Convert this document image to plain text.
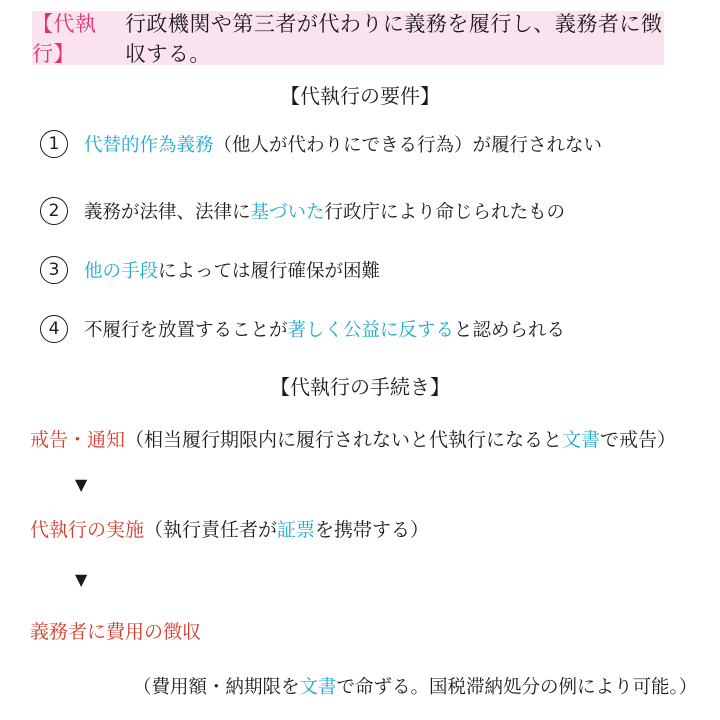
【代執行】
行政機関や第三者が代わりに義務を履行し、義務者に徴収する。
【代執行の要件】
1	代替的作為義務（他人が代わりにできる行為）が履行されない
2	義務が法律、法律に基づいた行政庁により命じられたもの
3	他の手段によっては履行確保が困難
4	不履行を放置することが著しく公益に反すると認められる
【代執行の手続き】
戒告・通知（相当履行期限内に履行されないと代執行になると文書で戒告）
▼
代執行の実施（執行責任者が証票を携帯する）
▼
義務者に費用の徴収
（費用額・納期限を文書で命ずる。国税滞納処分の例により可能。）
